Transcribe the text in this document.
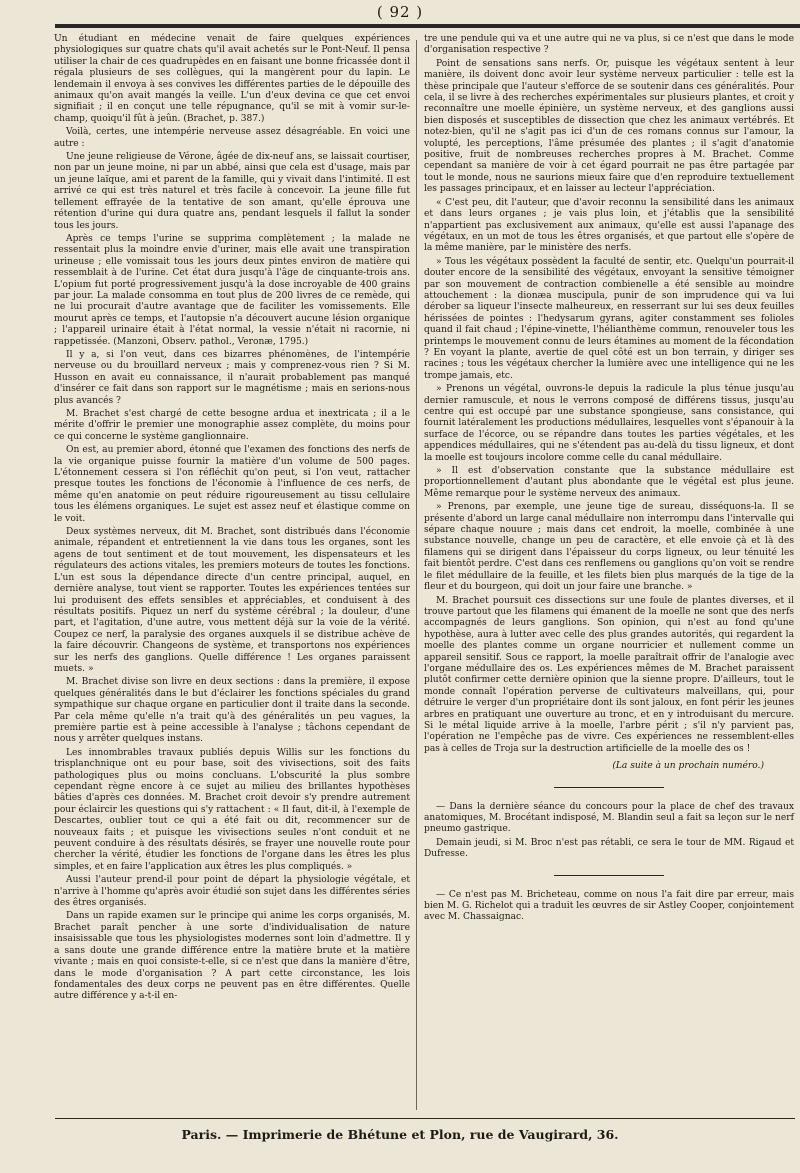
( 92 )

Un étudiant en médecine venait de faire quelques expériences physiologiques sur quatre chats qu'il avait achetés sur le Pont-Neuf. Il pensa utiliser la chair de ces quadrupèdes en en faisant une bonne fricassée dont il régala plusieurs de ses collègues, qui la mangèrent pour du lapin. Le lendemain il envoya à ses convives les différentes parties de le dépouille des animaux qu'on avait mangés la veille. L'un d'eux devina ce que cet envoi signifiait ; il en conçut une telle répugnance, qu'il se mit à vomir sur-le-champ, quoiqu'il fût à jeûn. (Brachet, p. 387.)

Voilà, certes, une intempérie nerveuse assez désagréable. En voici une autre :

Une jeune religieuse de Vérone, âgée de dix-neuf ans, se laissait courtiser, non par un jeune moine, ni par un abbé, ainsi que cela est d'usage, mais par un jeune laïque, ami et parent de la famille, qui y vivait dans l'intimité. Il est arrivé ce qui est très naturel et très facile à concevoir. La jeune fille fut tellement effrayée de la tentative de son amant, qu'elle éprouva une rétention d'urine qui dura quatre ans, pendant lesquels il fallut la sonder tous les jours.

Après ce temps l'urine se supprima complètement ; la malade ne ressentait plus la moindre envie d'uriner, mais elle avait une transpiration urineuse ; elle vomissait tous les jours deux pintes environ de matière qui ressemblait à de l'urine. Cet état dura jusqu'à l'âge de cinquante-trois ans. L'opium fut porté progressivement jusqu'à la dose incroyable de 400 grains par jour. La malade consomma en tout plus de 200 livres de ce remède, qui ne lui procurait d'autre avantage que de faciliter les vomissements. Elle mourut après ce temps, et l'autopsie n'a découvert aucune lésion organique ; l'appareil urinaire était à l'état normal, la vessie n'était ni racornie, ni rappetissée. (Manzoni, Observ. pathol., Veronæ, 1795.)

Il y a, si l'on veut, dans ces bizarres phénomènes, de l'intempérie nerveuse ou du brouillard nerveux ; mais y comprenez-vous rien ? Si M. Husson en avait eu connaissance, il n'aurait probablement pas manqué d'insérer ce fait dans son rapport sur le magnétisme ; mais en serions-nous plus avancés ?

M. Brachet s'est chargé de cette besogne ardua et inextricata ; il a le mérite d'offrir le premier une monographie assez complète, du moins pour ce qui concerne le système ganglionnaire.

On est, au premier abord, étonné que l'examen des fonctions des nerfs de la vie organique puisse fournir la matière d'un volume de 500 pages. L'étonnement cessera si l'on réfléchit qu'on peut, si l'on veut, rattacher presque toutes les fonctions de l'économie à l'influence de ces nerfs, de même qu'en anatomie on peut réduire rigoureusement au tissu cellulaire tous les élémens organiques. Le sujet est assez neuf et élastique comme on le voit.

Deux systèmes nerveux, dit M. Brachet, sont distribués dans l'économie animale, répandent et entretiennent la vie dans tous les organes, sont les agens de tout sentiment et de tout mouvement, les dispensateurs et les régulateurs des actions vitales, les premiers moteurs de toutes les fonctions. L'un est sous la dépendance directe d'un centre principal, auquel, en dernière analyse, tout vient se rapporter. Toutes les expériences tentées sur lui produisent des effets sensibles et appréciables, et conduisent à des résultats positifs. Piquez un nerf du système cérébral ; la douleur, d'une part, et l'agitation, d'une autre, vous mettent déjà sur la voie de la vérité. Coupez ce nerf, la paralysie des organes auxquels il se distribue achève de la faire découvrir. Changeons de système, et transportons nos expériences sur les nerfs des ganglions. Quelle différence ! Les organes paraissent muets. »

M. Brachet divise son livre en deux sections : dans la première, il expose quelques généralités dans le but d'éclairer les fonctions spéciales du grand sympathique sur chaque organe en particulier dont il traite dans la seconde. Par cela même qu'elle n'a trait qu'à des généralités un peu vagues, la première partie est à peine accessible à l'analyse ; tâchons cependant de nous y arrêter quelques instans.

Les innombrables travaux publiés depuis Willis sur les fonctions du trisplanchnique ont eu pour base, soit des vivisections, soit des faits pathologiques plus ou moins concluans. L'obscurité la plus sombre cependant règne encore à ce sujet au milieu des brillantes hypothèses bâties d'après ces données. M. Brachet croit devoir s'y prendre autrement pour éclaircir les questions qui s'y rattachent : « Il faut, dit-il, à l'exemple de Descartes, oublier tout ce qui a été fait ou dit, recommencer sur de nouveaux faits ; et puisque les vivisections seules n'ont conduit et ne peuvent conduire à des résultats désirés, se frayer une nouvelle route pour chercher la vérité, étudier les fonctions de l'organe dans les êtres les plus simples, et en faire l'application aux êtres les plus compliqués. »

Aussi l'auteur prend-il pour point de départ la physiologie végétale, et n'arrive à l'homme qu'après avoir étudié son sujet dans les différentes séries des êtres organisés.

Dans un rapide examen sur le principe qui anime les corps organisés, M. Brachet paraît pencher à une sorte d'individualisation de nature insaisissable que tous les physiologistes modernes sont loin d'admettre. Il y a sans doute une grande différence entre la matière brute et la matière vivante ; mais en quoi consiste-t-elle, si ce n'est que dans la manière d'être, dans le mode d'organisation ? A part cette circonstance, les lois fondamentales des deux corps ne peuvent pas en être différentes. Quelle autre différence y a-t-il en-

tre une pendule qui va et une autre qui ne va plus, si ce n'est que dans le mode d'organisation respective ?

Point de sensations sans nerfs. Or, puisque les végétaux sentent à leur manière, ils doivent donc avoir leur système nerveux particulier : telle est la thèse principale que l'auteur s'efforce de se soutenir dans ces généralités. Pour cela, il se livre à des recherches expérimentales sur plusieurs plantes, et croit y reconnaître une moelle épinière, un système nerveux, et des ganglions aussi bien disposés et susceptibles de dissection que chez les animaux vertébrés. Et notez-bien, qu'il ne s'agit pas ici d'un de ces romans connus sur l'amour, la volupté, les perceptions, l'âme présumée des plantes ; il s'agit d'anatomie positive, fruit de nombreuses recherches propres à M. Brachet. Comme cependant sa manière de voir à cet égard pourrait ne pas être partagée par tout le monde, nous ne saurions mieux faire que d'en reproduire textuellement les passages principaux, et en laisser au lecteur l'appréciation.

« C'est peu, dit l'auteur, que d'avoir reconnu la sensibilité dans les animaux et dans leurs organes ; je vais plus loin, et j'établis que la sensibilité n'appartient pas exclusivement aux animaux, qu'elle est aussi l'apanage des végétaux, en un mot de tous les êtres organisés, et que partout elle s'opère de la même manière, par le ministère des nerfs.

» Tous les végétaux possèdent la faculté de sentir, etc. Quelqu'un pourrait-il douter encore de la sensibilité des végétaux, envoyant la sensitive témoigner par son mouvement de contraction combienelle a été sensible au moindre attouchement : la dionæa muscipula, punir de son imprudence qui va lui dérober sa liqueur l'insecte malheureux, en resserrant sur lui ses deux feuilles hérissées de pointes : l'hedysarum gyrans, agiter constamment ses folioles quand il fait chaud ; l'épine-vinette, l'hélianthème commun, renouveler tous les printemps le mouvement connu de leurs étamines au moment de la fécondation ? En voyant la plante, avertie de quel côté est un bon terrain, y diriger ses racines ; tous les végétaux chercher la lumière avec une intelligence qui ne les trompe jamais, etc.

» Prenons un végétal, ouvrons-le depuis la radicule la plus ténue jusqu'au dernier ramuscule, et nous le verrons composé de différens tissus, jusqu'au centre qui est occupé par une substance spongieuse, sans consistance, qui fournit latéralement les productions médullaires, lesquelles vont s'épanouir à la surface de l'écorce, ou se répandre dans toutes les parties végétales, et les appendices médullaires, qui ne s'étendent pas au-delà du tissu ligneux, et dont la moelle est toujours incolore comme celle du canal médullaire.

» Il est d'observation constante que la substance médullaire est proportionnellement d'autant plus abondante que le végétal est plus jeune. Même remarque pour le système nerveux des animaux.

» Prenons, par exemple, une jeune tige de sureau, disséquons-la. Il se présente d'abord un large canal médullaire non interrompu dans l'intervalle qui sépare chaque nouure ; mais dans cet endroit, la moelle, combinée à une substance nouvelle, change un peu de caractère, et elle envoie çà et là des filamens qui se dirigent dans l'épaisseur du corps ligneux, ou leur ténuité les fait bientôt perdre. C'est dans ces renflemens ou ganglions qu'on voit se rendre le filet médullaire de la feuille, et les filets bien plus marqués de la tige de la fleur et du bourgeon, qui doit un jour faire une branche. »

M. Brachet poursuit ces dissections sur une foule de plantes diverses, et il trouve partout que les filamens qui émanent de la moelle ne sont que des nerfs accompagnés de leurs ganglions. Son opinion, qui n'est au fond qu'une hypothèse, aura à lutter avec celle des plus grandes autorités, qui regardent la moelle des plantes comme un organe nourricier et nullement comme un appareil sensitif. Sous ce rapport, la moelle paraîtrait offrir de l'analogie avec l'organe médullaire des os. Les expériences mêmes de M. Brachet paraissent plutôt confirmer cette dernière opinion que la sienne propre. D'ailleurs, tout le monde connaît l'opération perverse de cultivateurs malveillans, qui, pour détruire le verger d'un propriétaire dont ils sont jaloux, en font périr les jeunes arbres en pratiquant une ouverture au tronc, et en y introduisant du mercure. Si le métal liquide arrive à la moelle, l'arbre périt ; s'il n'y parvient pas, l'opération ne l'empêche pas de vivre. Ces expériences ne ressemblent-elles pas à celles de Troja sur la destruction artificielle de la moelle des os !

(La suite à un prochain numéro.)

— Dans la dernière séance du concours pour la place de chef des travaux anatomiques, M. Brocétant indisposé, M. Blandin seul a fait sa leçon sur le nerf pneumo gastrique.

Demain jeudi, si M. Broc n'est pas rétabli, ce sera le tour de MM. Rigaud et Dufresse.

— Ce n'est pas M. Bricheteau, comme on nous l'a fait dire par erreur, mais bien M. G. Richelot qui a traduit les œuvres de sir Astley Cooper, conjointement avec M. Chassaignac.

Paris. — Imprimerie de Bhétune et Plon, rue de Vaugirard, 36.
